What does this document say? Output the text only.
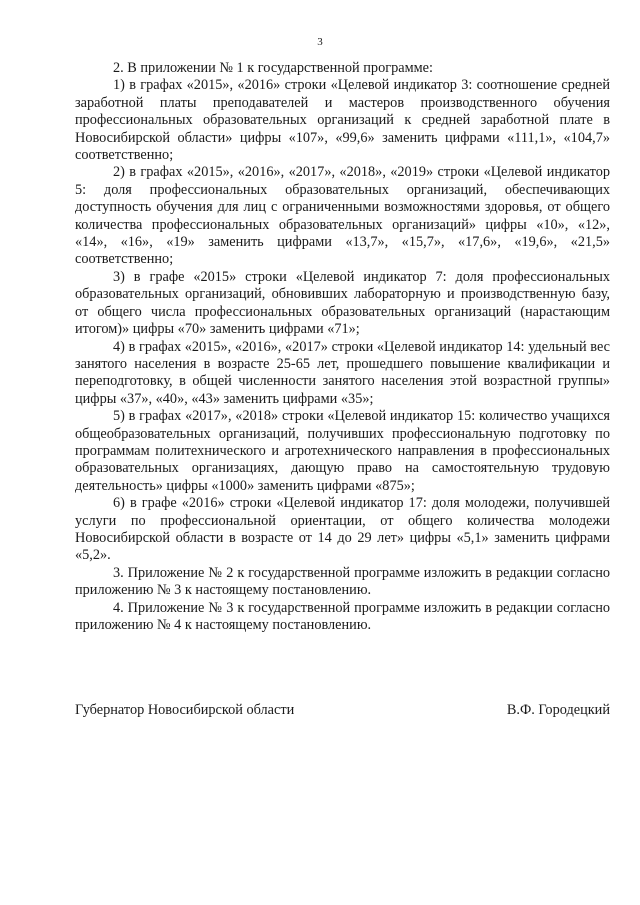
3

2. В приложении № 1 к государственной программе:

1) в графах «2015», «2016» строки «Целевой индикатор 3: соотношение средней заработной платы преподавателей и мастеров производственного обучения профессиональных образовательных организаций к средней заработной плате в Новосибирской области» цифры «107», «99,6» заменить цифрами «111,1», «104,7» соответственно;

2) в графах «2015», «2016», «2017», «2018», «2019» строки «Целевой индикатор 5: доля профессиональных образовательных организаций, обеспечивающих доступность обучения для лиц с ограниченными возможностями здоровья, от общего количества профессиональных образовательных организаций» цифры «10», «12», «14», «16», «19» заменить цифрами «13,7», «15,7», «17,6», «19,6», «21,5» соответственно;

3) в графе «2015» строки «Целевой индикатор 7: доля профессиональных образовательных организаций, обновивших лабораторную и производственную базу, от общего числа профессиональных образовательных организаций (нарастающим итогом)» цифры «70» заменить цифрами «71»;

4) в графах «2015», «2016», «2017» строки «Целевой индикатор 14: удельный вес занятого населения в возрасте 25-65 лет, прошедшего повышение квалификации и переподготовку, в общей численности занятого населения этой возрастной группы» цифры «37», «40», «43» заменить цифрами «35»;

5) в графах «2017», «2018» строки «Целевой индикатор 15: количество учащихся общеобразовательных организаций, получивших профессиональную подготовку по программам политехнического и агротехнического направления в профессиональных образовательных организациях, дающую право на самостоятельную трудовую деятельность» цифры «1000» заменить цифрами «875»;

6) в графе «2016» строки «Целевой индикатор 17: доля молодежи, получившей услуги по профессиональной ориентации, от общего количества молодежи Новосибирской области в возрасте от 14 до 29 лет» цифры «5,1» заменить цифрами «5,2».

3. Приложение № 2 к государственной программе изложить в редакции согласно приложению № 3 к настоящему постановлению.

4. Приложение № 3 к государственной программе изложить в редакции согласно приложению № 4 к настоящему постановлению.

Губернатор Новосибирской области	В.Ф. Городецкий
